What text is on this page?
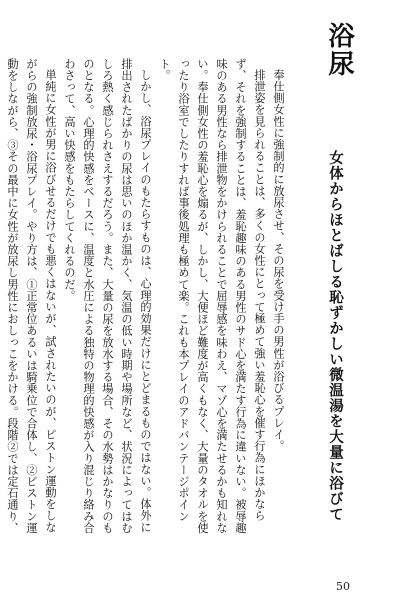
浴尿
女体からほとばしる恥ずかしい微温湯を大量に浴びて

奉仕側女性に強制的に放尿させ、その尿を受け手の男性が浴びるプレイ。

排泄姿を見られることは、多くの女性にとって極めて強い羞恥心を催す行為にほかならず、それを強制することは、羞恥趣味のある男性のサド心を満たす行為に違いない。被辱趣味のある男性なら排泄物をかけられることで屈辱感を味わえ、マゾ心を満たせるかも知れない。奉仕側女性の羞恥心を煽るが、しかし、大便ほど難度が高くもなく、大量のタオルを使ったり浴室でしたりすれば事後処理も極めて楽。これも本プレイのアドバンテージポイント。

しかし、浴尿プレイのもたらすものは、心理的効果だけにとどまるものではない。体外に排出されたばかりの尿は思いのほか温かく、気温の低い時期や場所など、状況によってはむしろ熱く感じられさえするだろう。また、大量の尿を放水する場合、その水勢はかなりのものとなる。心理的快感をベースに、温度と水圧による独特の物理的快感が入り混じり絡み合わさって、高い快感をもたらしてくれるのだ。

単純に女性が男に浴びせるだけでも悪くはないが、試されたいのが、ピストン運動をしながらの強制放尿・浴尿プレイ。やり方は、①正常位あるいは騎乗位で合体し、②ピストン運動をしながら、③その最中に女性が放尿し男性におしっこをかける。段階②では定石通り、

50
